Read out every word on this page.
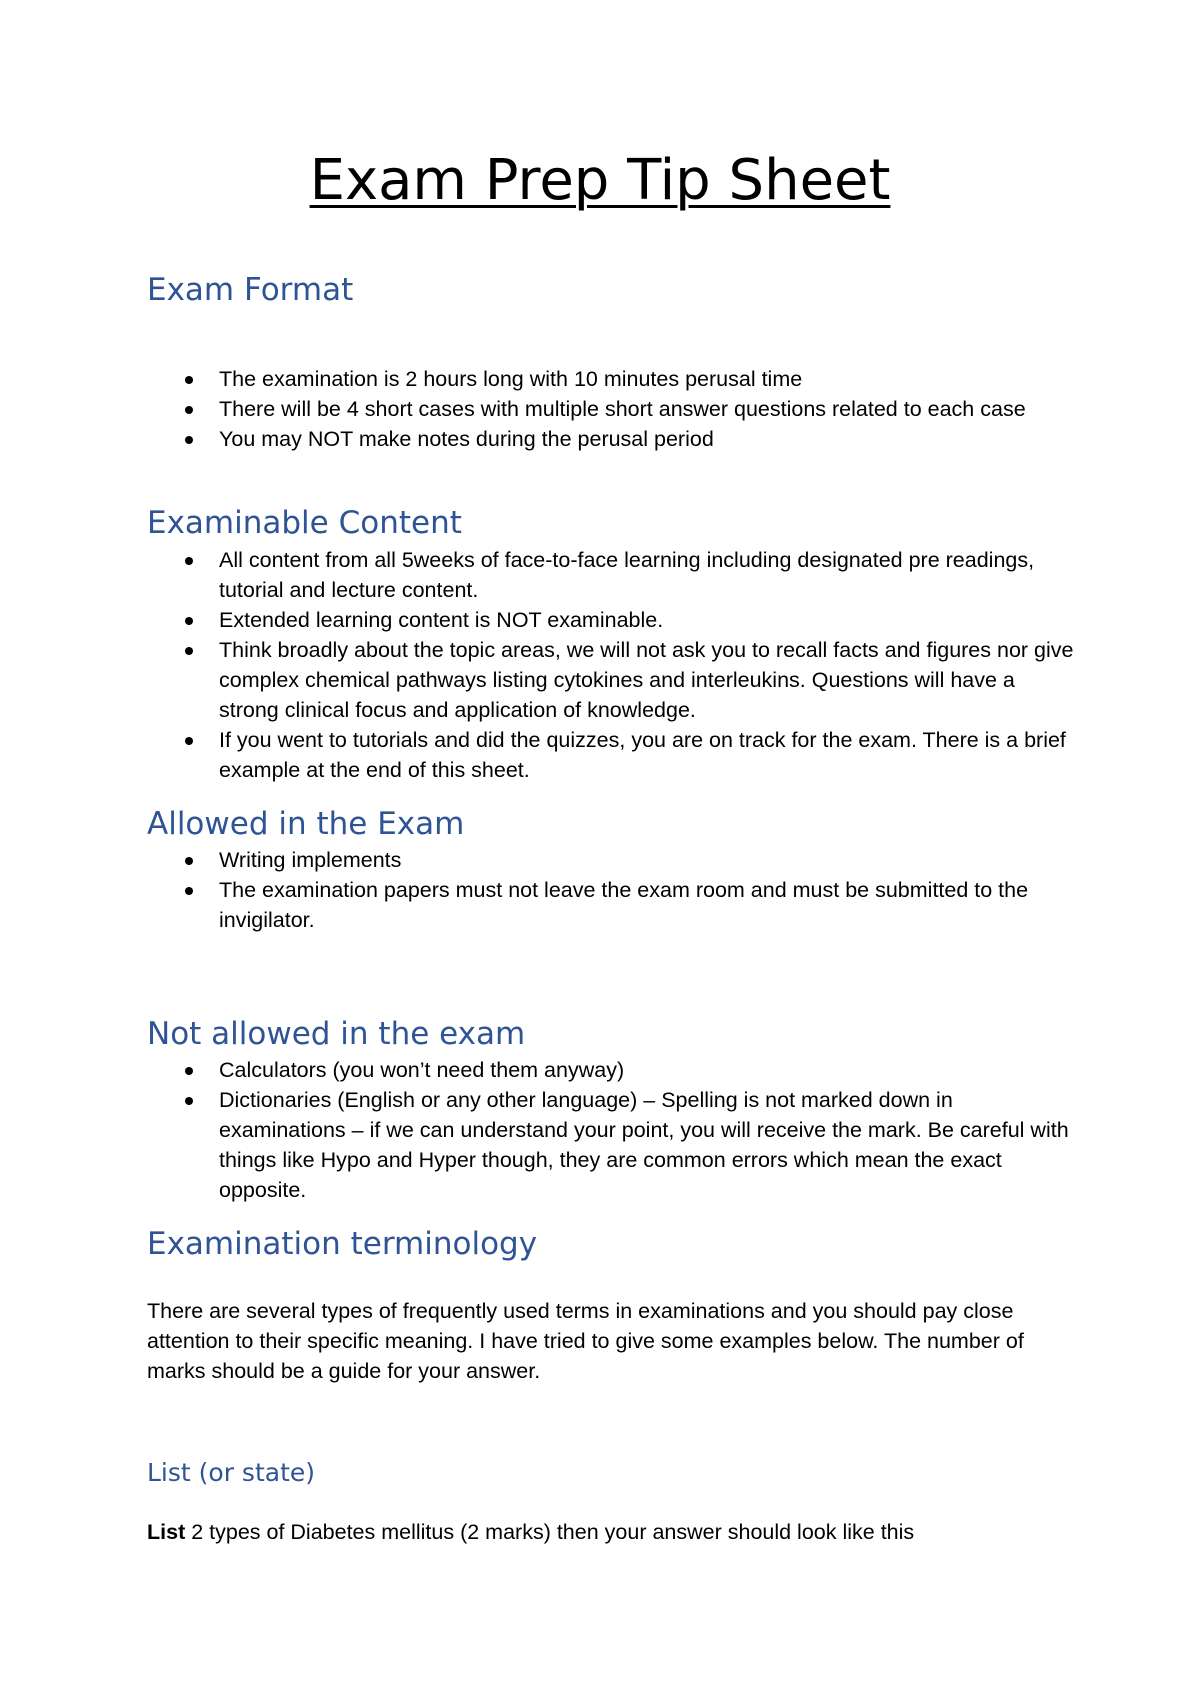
Exam Prep Tip Sheet
Exam Format
The examination is 2 hours long with 10 minutes perusal time
There will be 4 short cases with multiple short answer questions related to each case
You may NOT make notes during the perusal period
Examinable Content
All content from all 5weeks of face-to-face learning including designated pre readings, tutorial and lecture content.
Extended learning content is NOT examinable.
Think broadly about the topic areas, we will not ask you to recall facts and figures nor give complex chemical pathways listing cytokines and interleukins. Questions will have a strong clinical focus and application of knowledge.
If you went to tutorials and did the quizzes, you are on track for the exam. There is a brief example at the end of this sheet.
Allowed in the Exam
Writing implements
The examination papers must not leave the exam room and must be submitted to the invigilator.
Not allowed in the exam
Calculators (you won’t need them anyway)
Dictionaries (English or any other language) – Spelling is not marked down in examinations – if we can understand your point, you will receive the mark. Be careful with things like Hypo and Hyper though, they are common errors which mean the exact opposite.
Examination terminology

There are several types of frequently used terms in examinations and you should pay close attention to their specific meaning. I have tried to give some examples below. The number of marks should be a guide for your answer.

List (or state)

List 2 types of Diabetes mellitus (2 marks) then your answer should look like this
